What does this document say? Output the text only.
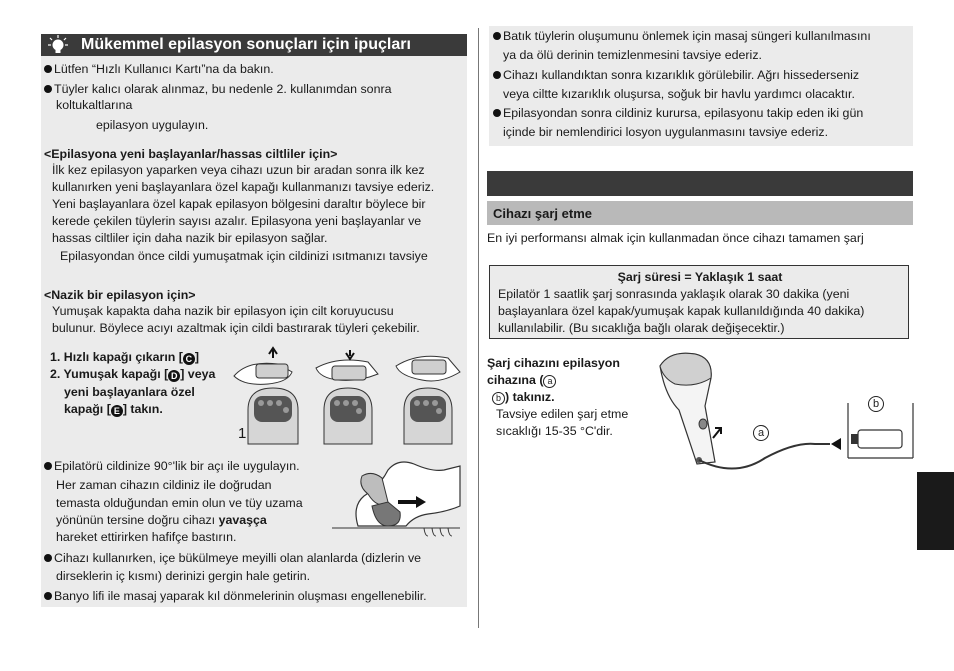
Mükemmel epilasyon sonuçları için ipuçları
Lütfen “Hızlı Kullanıcı Kartı”na da bakın.
Tüyler kalıcı olarak alınmaz, bu nedenle 2. kullanımdan sonra
koltukaltlarına
epilasyon uygulayın.
<Epilasyona yeni başlayanlar/hassas ciltliler için>
İlk kez epilasyon yaparken veya cihazı uzun bir aradan sonra ilk kez
kullanırken yeni başlayanlara özel kapağı kullanmanızı tavsiye ederiz.
Yeni başlayanlara özel kapak epilasyon bölgesini daraltır böylece bir
kerede çekilen tüylerin sayısı azalır. Epilasyona yeni başlayanlar ve
hassas ciltliler için daha nazik bir epilasyon sağlar.
Epilasyondan önce cildi yumuşatmak için cildinizi ısıtmanızı tavsiye
<Nazik bir epilasyon için>
Yumuşak kapakta daha nazik bir epilasyon için cilt koruyucusu
bulunur. Böylece acıyı azaltmak için cildi bastırarak tüyleri çekebilir.
1. Hızlı kapağı çıkarın [ C ]
2. Yumuşak kapağı [ D ] veya
yeni başlayanlara özel
kapağı [ E ] takın.
1
Epilatörü cildinize 90°'lik bir açı ile uygulayın.
Her zaman cihazın cildiniz ile doğrudan
temasta olduğundan emin olun ve tüy uzama
yönünün tersine doğru cihazı yavaşça
hareket ettirirken hafifçe bastırın.
Cihazı kullanırken, içe bükülmeye meyilli olan alanlarda (dizlerin ve
dirseklerin iç kısmı) derinizi gergin hale getirin.
Banyo lifi ile masaj yaparak kıl dönmelerinin oluşması engellenebilir.
Batık tüylerin oluşumunu önlemek için masaj süngeri kullanılmasını
ya da ölü derinin temizlenmesini tavsiye ederiz.
Cihazı kullandıktan sonra kızarıklık görülebilir. Ağrı hissederseniz
veya ciltte kızarıklık oluşursa, soğuk bir havlu yardımcı olacaktır.
Epilasyondan sonra cildiniz kurursa, epilasyonu takip eden iki gün
içinde bir nemlendirici losyon uygulanmasını tavsiye ederiz.
Cihazı şarj etme
En iyi performansı almak için kullanmadan önce cihazı tamamen şarj
Şarj süresi = Yaklaşık 1 saat
Epilatör 1 saatlik şarj sonrasında yaklaşık olarak 30 dakika (yeni
başlayanlara özel kapak/yumuşak kapak kullanıldığında 40 dakika)
kullanılabilir. (Bu sıcaklığa bağlı olarak değişecektir.)
Şarj cihazını epilasyon
cihazına ( a
b ) takınız.
Tavsiye edilen şarj etme
sıcaklığı 15-35 °C'dir.	a
b
